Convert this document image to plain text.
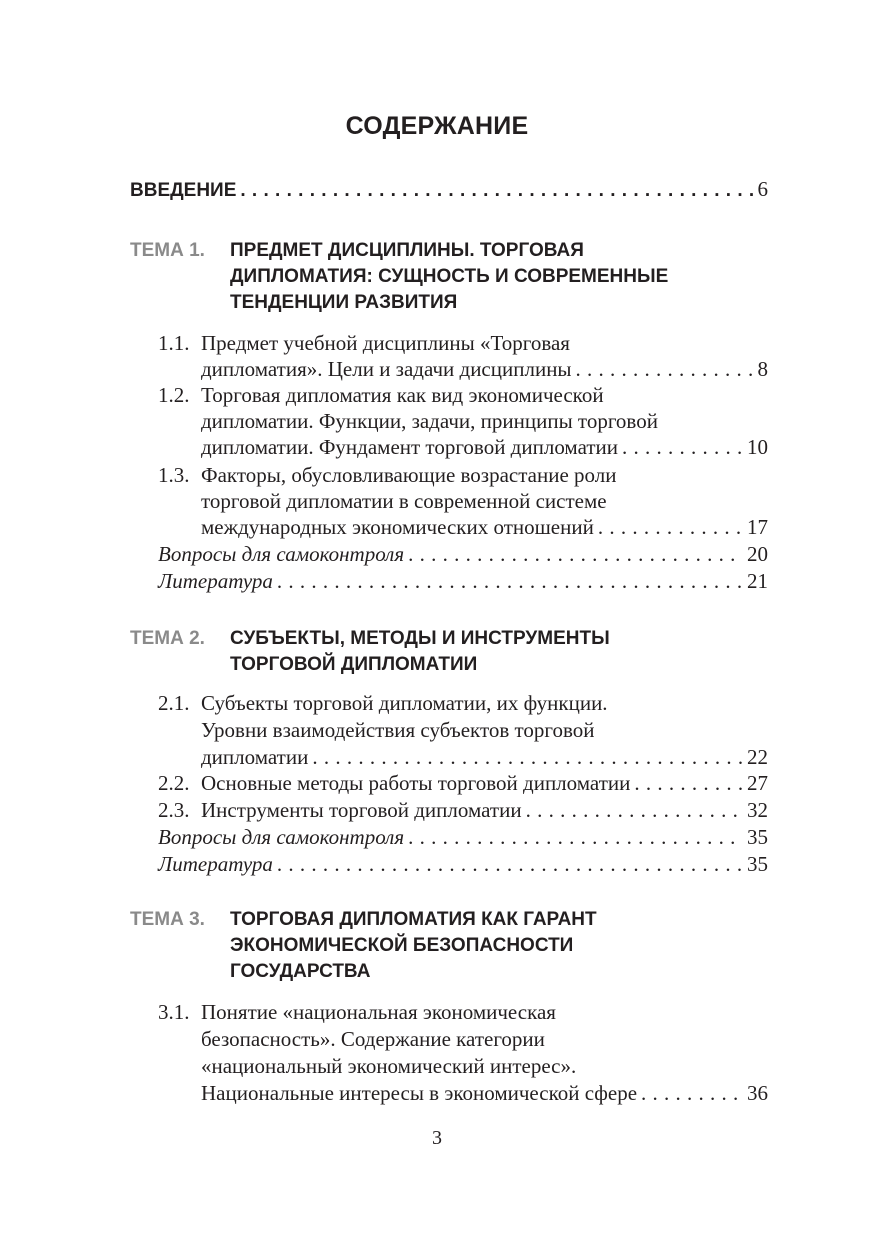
СОДЕРЖАНИЕ
ВВЕДЕНИЕ . . .	6
ТЕМА 1. ПРЕДМЕТ ДИСЦИПЛИНЫ. ТОРГОВАЯ
ДИПЛОМАТИЯ: СУЩНОСТЬ И СОВРЕМЕННЫЕ
ТЕНДЕНЦИИ РАЗВИТИЯ
1.1. Предмет учебной дисциплины «Торговая
дипломатия». Цели и задачи дисциплины . . .	8
1.2. Торговая дипломатия как вид экономической
дипломатии. Функции, задачи, принципы торговой
дипломатии. Фундамент торговой дипломатии . . .	10
1.3. Факторы, обусловливающие возрастание роли
торговой дипломатии в современной системе
международных экономических отношений . . .	17
Вопросы для самоконтроля . . .	20
Литература . . .	21
ТЕМА 2. СУБЪЕКТЫ, МЕТОДЫ И ИНСТРУМЕНТЫ
ТОРГОВОЙ ДИПЛОМАТИИ
2.1. Субъекты торговой дипломатии, их функции.
Уровни взаимодействия субъектов торговой
дипломатии . . .	22
2.2. Основные методы работы торговой дипломатии . . .	27
2.3. Инструменты торговой дипломатии . . .	32
Вопросы для самоконтроля . . .	35
Литература . . .	35
ТЕМА 3. ТОРГОВАЯ ДИПЛОМАТИЯ КАК ГАРАНТ
ЭКОНОМИЧЕСКОЙ БЕЗОПАСНОСТИ
ГОСУДАРСТВА
3.1. Понятие «национальная экономическая
безопасность». Содержание категории
«национальный экономический интерес».
Национальные интересы в экономической сфере . . .	36
3
